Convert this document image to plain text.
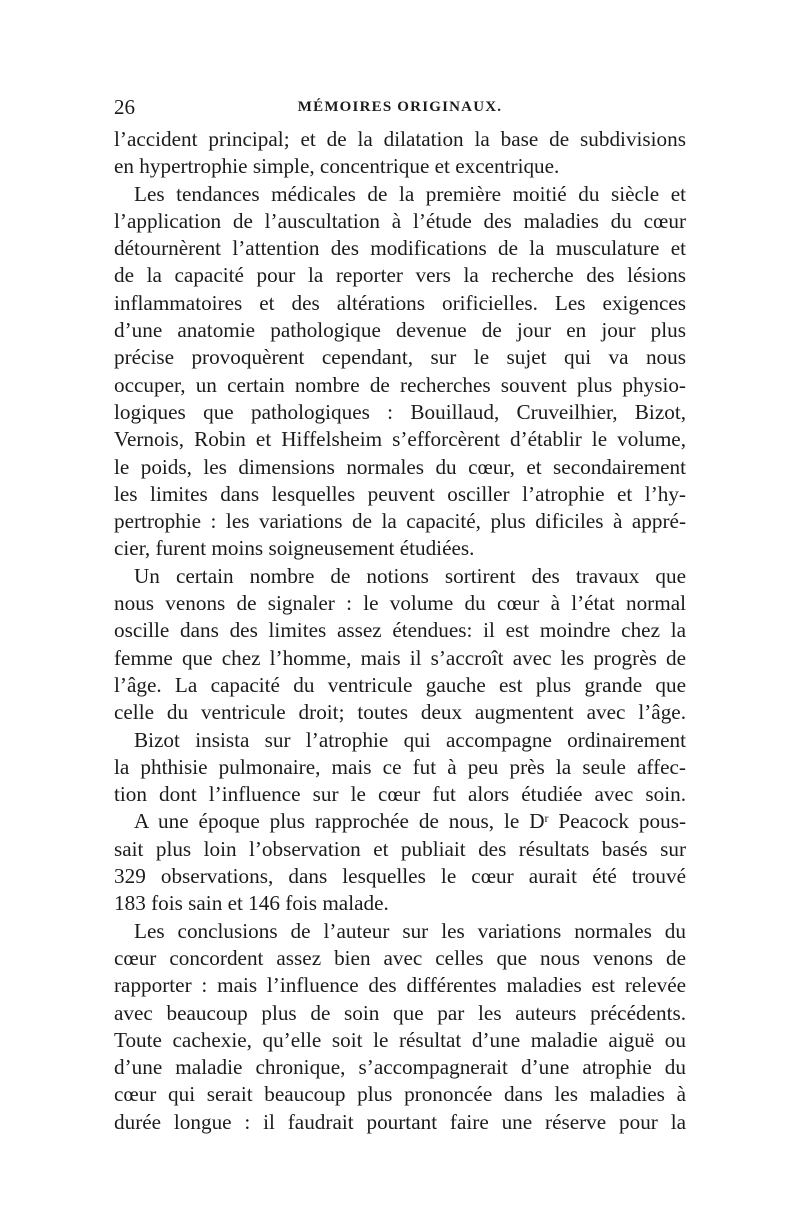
26	MÉMOIRES ORIGINAUX.
l’accident principal; et de la dilatation la base de subdivisions
en hypertrophie simple, concentrique et excentrique.
Les tendances médicales de la première moitié du siècle et
l’application de l’auscultation à l’étude des maladies du cœur
détournèrent l’attention des modifications de la musculature et
de la capacité pour la reporter vers la recherche des lésions
inflammatoires et des altérations orificielles. Les exigences
d’une anatomie pathologique devenue de jour en jour plus
précise provoquèrent cependant, sur le sujet qui va nous
occuper, un certain nombre de recherches souvent plus physio-
logiques que pathologiques : Bouillaud, Cruveilhier, Bizot,
Vernois, Robin et Hiffelsheim s’efforcèrent d’établir le volume,
le poids, les dimensions normales du cœur, et secondairement
les limites dans lesquelles peuvent osciller l’atrophie et l’hy-
pertrophie : les variations de la capacité, plus dificiles à appré-
cier, furent moins soigneusement étudiées.
Un certain nombre de notions sortirent des travaux que
nous venons de signaler : le volume du cœur à l’état normal
oscille dans des limites assez étendues: il est moindre chez la
femme que chez l’homme, mais il s’accroît avec les progrès de
l’âge. La capacité du ventricule gauche est plus grande que
celle du ventricule droit; toutes deux augmentent avec l’âge.
Bizot insista sur l’atrophie qui accompagne ordinairement
la phthisie pulmonaire, mais ce fut à peu près la seule affec-
tion dont l’influence sur le cœur fut alors étudiée avec soin.
A une époque plus rapprochée de nous, le $D^r$ Peacock pous-
sait plus loin l’observation et publiait des résultats basés sur
329 observations, dans lesquelles le cœur aurait été trouvé
183 fois sain et 146 fois malade.
Les conclusions de l’auteur sur les variations normales du
cœur concordent assez bien avec celles que nous venons de
rapporter : mais l’influence des différentes maladies est relevée
avec beaucoup plus de soin que par les auteurs précédents.
Toute cachexie, qu’elle soit le résultat d’une maladie aiguë ou
d’une maladie chronique, s’accompagnerait d’une atrophie du
cœur qui serait beaucoup plus prononcée dans les maladies à
durée longue : il faudrait pourtant faire une réserve pour la
